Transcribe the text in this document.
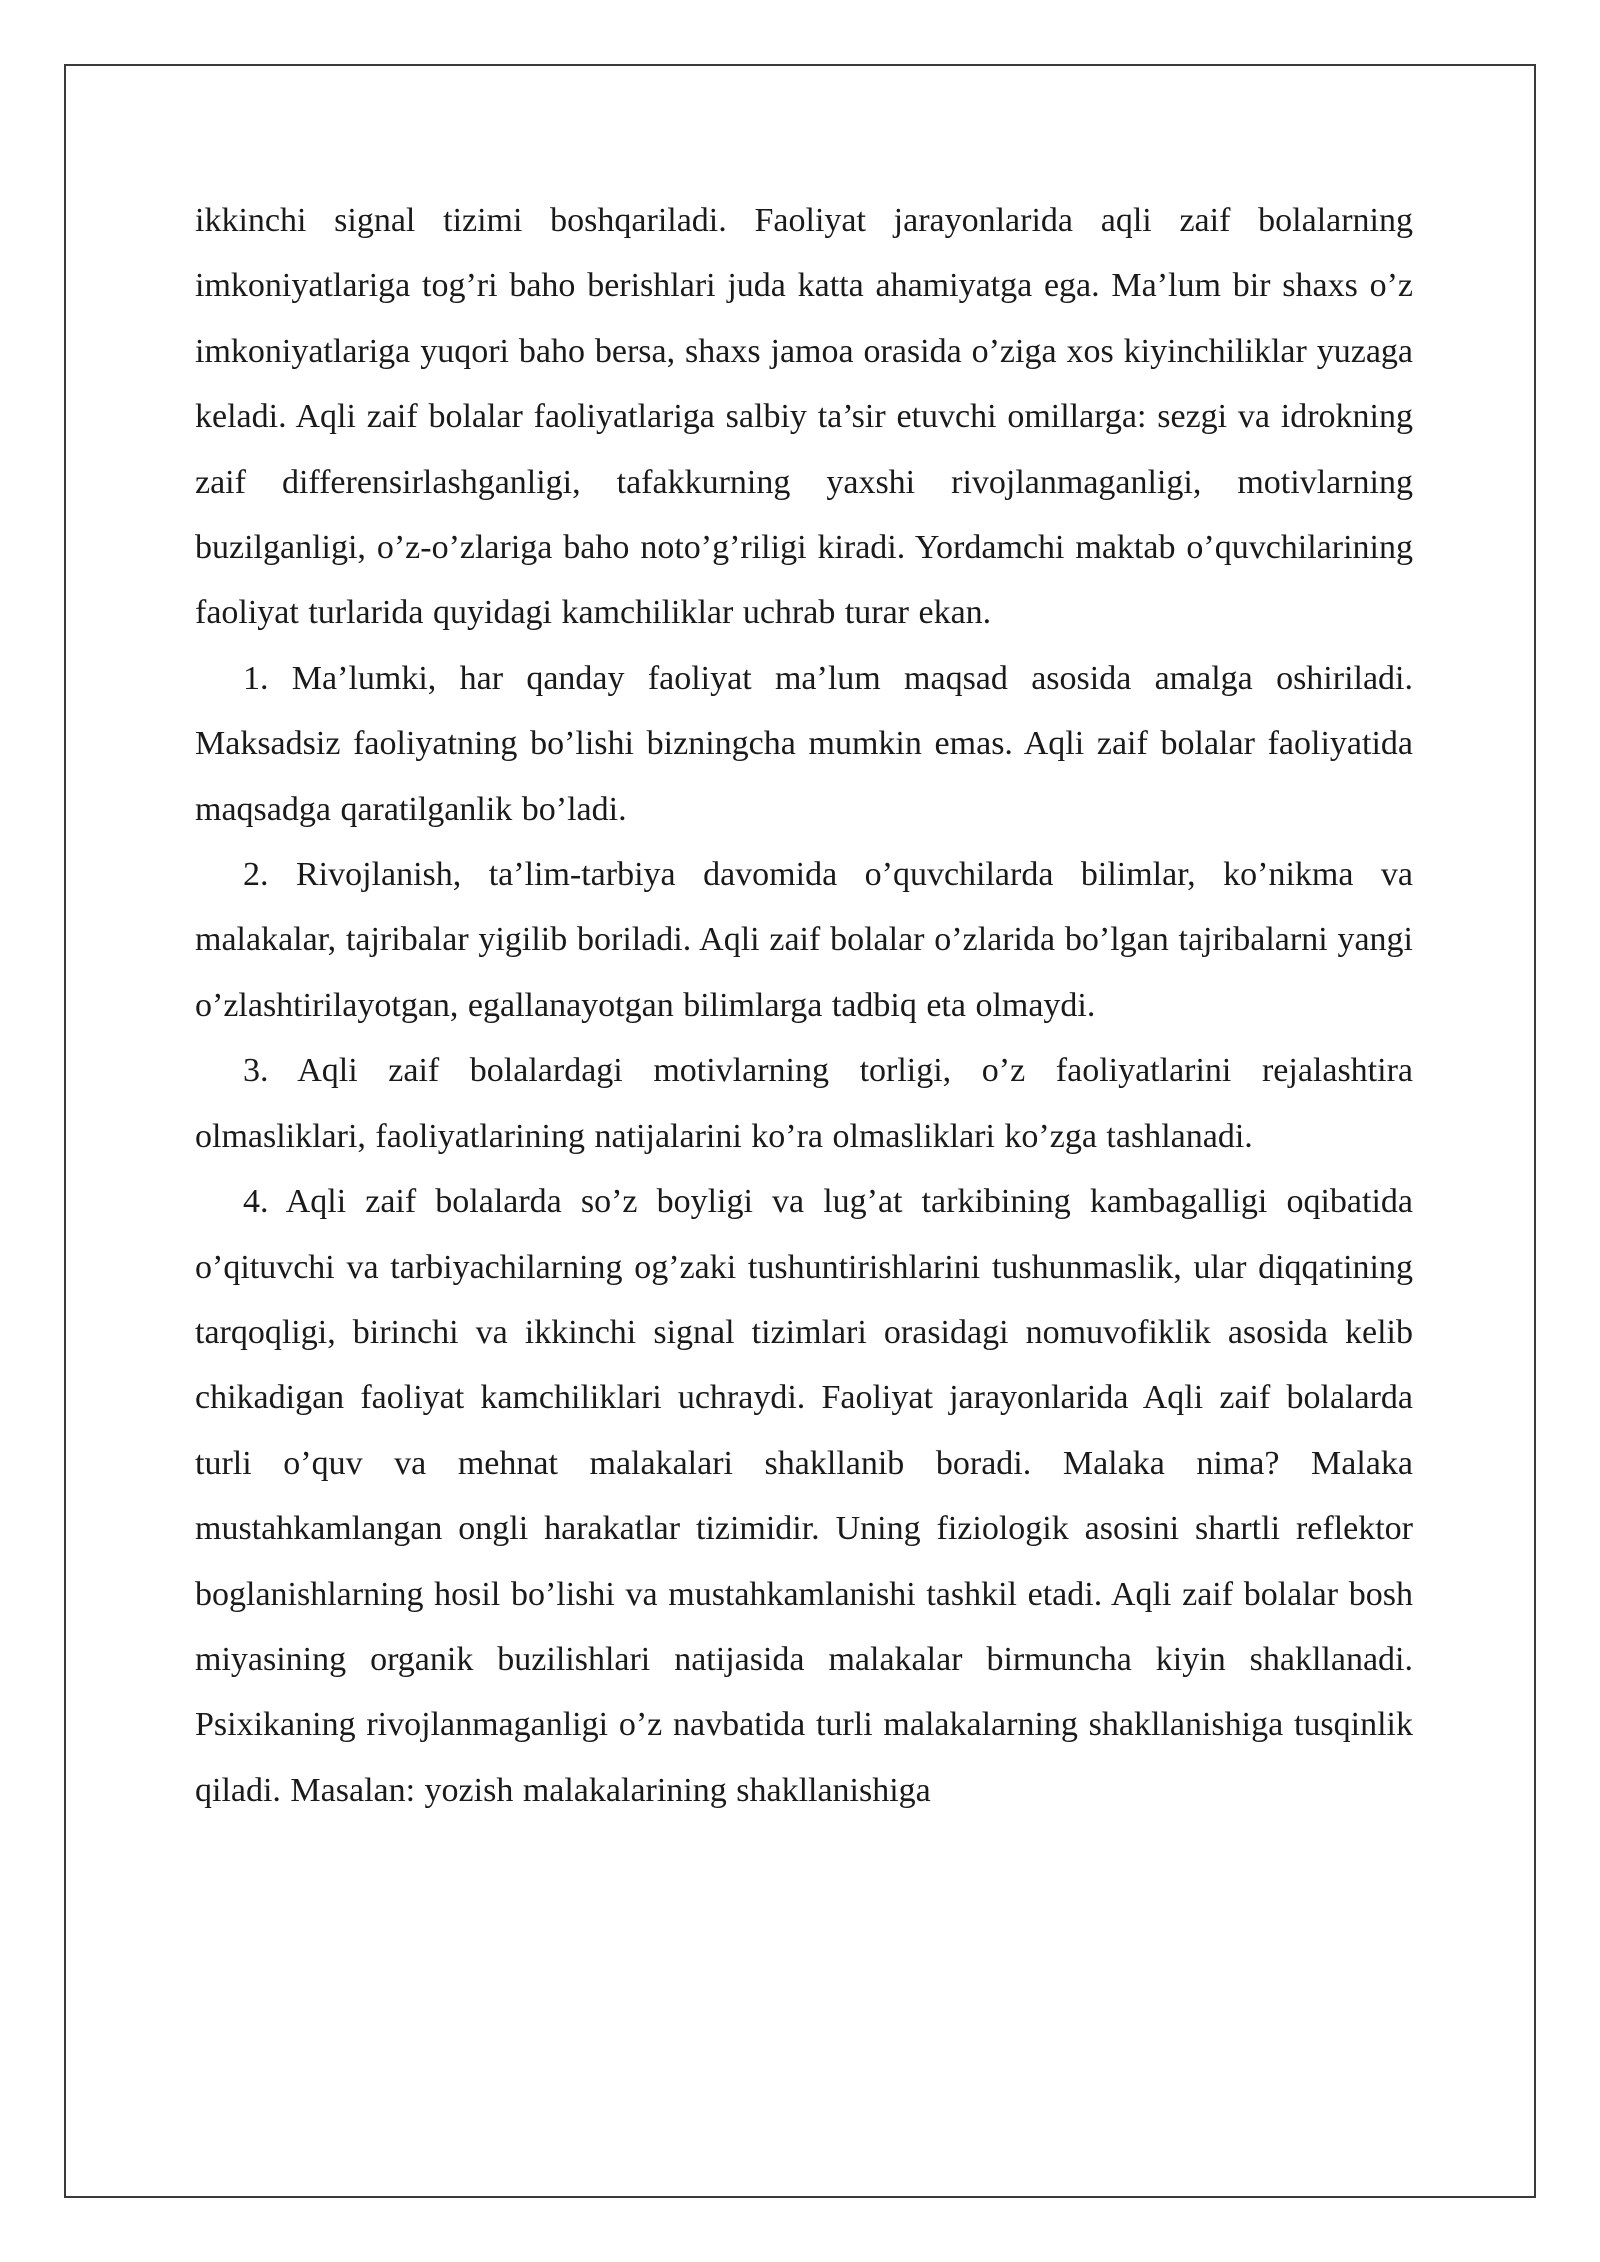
ikkinchi signal tizimi boshqariladi. Faoliyat jarayonlarida aqli zaif bolalarning imkoniyatlariga tog’ri baho berishlari juda katta ahamiyatga ega. Ma’lum bir shaxs o’z imkoniyatlariga yuqori baho bersa, shaxs jamoa orasida o’ziga xos kiyinchiliklar yuzaga keladi. Aqli zaif bolalar faoliyatlariga salbiy ta’sir etuvchi omillarga: sezgi va idrokning zaif differensirlashganligi, tafakkurning yaxshi rivojlanmaganligi, motivlarning buzilganligi, o’z-o’zlariga baho noto’g’riligi kiradi. Yordamchi maktab o’quvchilarining faoliyat turlarida quyidagi kamchiliklar uchrab turar ekan.

1. Ma’lumki, har qanday faoliyat ma’lum maqsad asosida amalga oshiriladi. Maksadsiz faoliyatning bo’lishi bizningcha mumkin emas. Aqli zaif bolalar faoliyatida maqsadga qaratilganlik bo’ladi.

2. Rivojlanish, ta’lim-tarbiya davomida o’quvchilarda bilimlar, ko’nikma va malakalar, tajribalar yigilib boriladi. Aqli zaif bolalar o’zlarida bo’lgan tajribalarni yangi o’zlashtirilayotgan, egallanayotgan bilimlarga tadbiq eta olmaydi.

3. Aqli zaif bolalardagi motivlarning torligi, o’z faoliyatlarini rejalashtira olmasliklari, faoliyatlarining natijalarini ko’ra olmasliklari ko’zga tashlanadi.

4. Aqli zaif bolalarda so’z boyligi va lug’at tarkibining kambagalligi oqibatida o’qituvchi va tarbiyachilarning og’zaki tushuntirishlarini tushunmaslik, ular diqqatining tarqoqligi, birinchi va ikkinchi signal tizimlari orasidagi nomuvofiklik asosida kelib chikadigan faoliyat kamchiliklari uchraydi. Faoliyat jarayonlarida Aqli zaif bolalarda turli o’quv va mehnat malakalari shakllanib boradi. Malaka nima? Malaka mustahkamlangan ongli harakatlar tizimidir. Uning fiziologik asosini shartli reflektor boglanishlarning hosil bo’lishi va mustahkamlanishi tashkil etadi. Aqli zaif bolalar bosh miyasining organik buzilishlari natijasida malakalar birmuncha kiyin shakllanadi. Psixikaning rivojlanmaganligi o’z navbatida turli malakalarning shakllanishiga tusqinlik qiladi. Masalan: yozish malakalarining shakllanishiga
